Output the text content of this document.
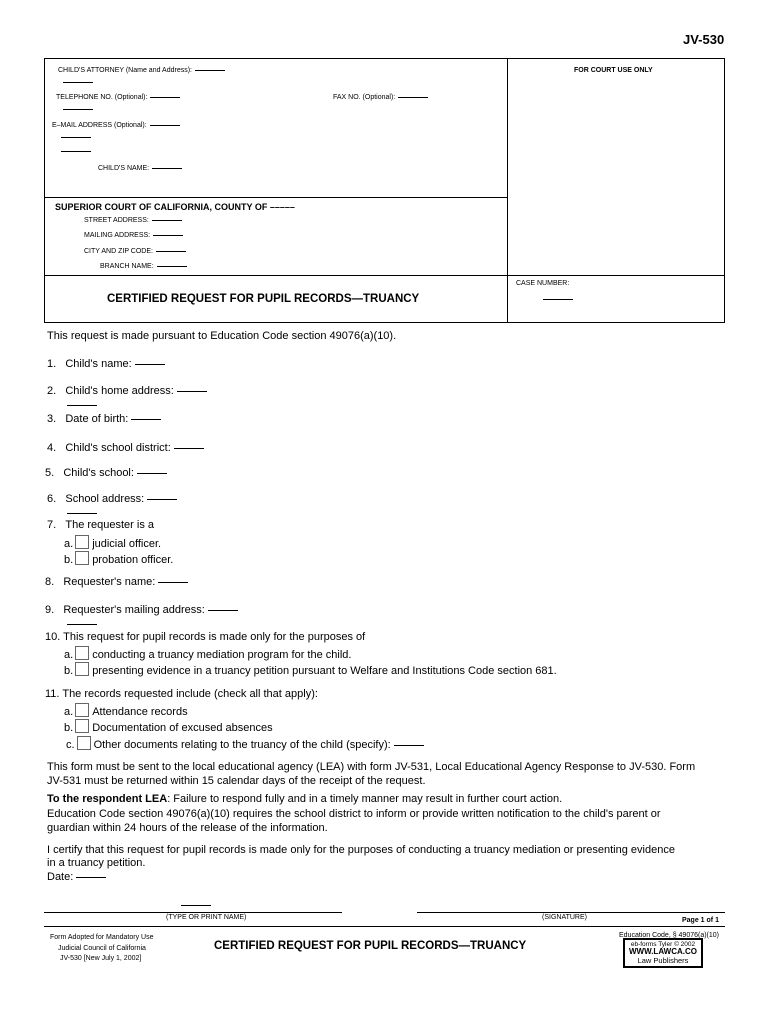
JV-530
CHILD'S ATTORNEY (Name and Address):	FOR COURT USE ONLY
TELEPHONE NO. (Optional):	FAX NO. (Optional):
E–MAIL ADDRESS (Optional):
CHILD'S NAME:
SUPERIOR COURT OF CALIFORNIA, COUNTY OF –––––
STREET ADDRESS:
MAILING ADDRESS:
CITY AND ZIP CODE:
BRANCH NAME:
CASE NUMBER:
CERTIFIED REQUEST FOR PUPIL RECORDS—TRUANCY
This request is made pursuant to Education Code section 49076(a)(10).
1. Child's name:
2. Child's home address:
3. Date of birth:
4. Child's school district:
5. Child's school:
6. School address:
7. The requester is a
a. judicial officer.
b. probation officer.
8. Requester's name:
9. Requester's mailing address:
10. This request for pupil records is made only for the purposes of
a. conducting a truancy mediation program for the child.
b. presenting evidence in a truancy petition pursuant to Welfare and Institutions Code section 681.
11. The records requested include (check all that apply):
a. Attendance records
b. Documentation of excused absences
c. Other documents relating to the truancy of the child (specify):
This form must be sent to the local educational agency (LEA) with form JV-531, Local Educational Agency Response to JV-530. Form
JV-531 must be returned within 15 calendar days of the receipt of the request.
To the respondent LEA: Failure to respond fully and in a timely manner may result in further court action.
Education Code section 49076(a)(10) requires the school district to inform or provide written notification to the child's parent or
guardian within 24 hours of the release of the information.
I certify that this request for pupil records is made only for the purposes of conducting a truancy mediation or presenting evidence
in a truancy petition.
Date:
(TYPE OR PRINT NAME)	(SIGNATURE)	Page 1 of 1
Form Adopted for Mandatory Use
Judicial Council of California
JV-530 [New July 1, 2002]
CERTIFIED REQUEST FOR PUPIL RECORDS—TRUANCY
Education Code, § 49076(a)(10)
eb-forms Tyler © 2002
WWW.LAWCA.CO
Law Publishers
